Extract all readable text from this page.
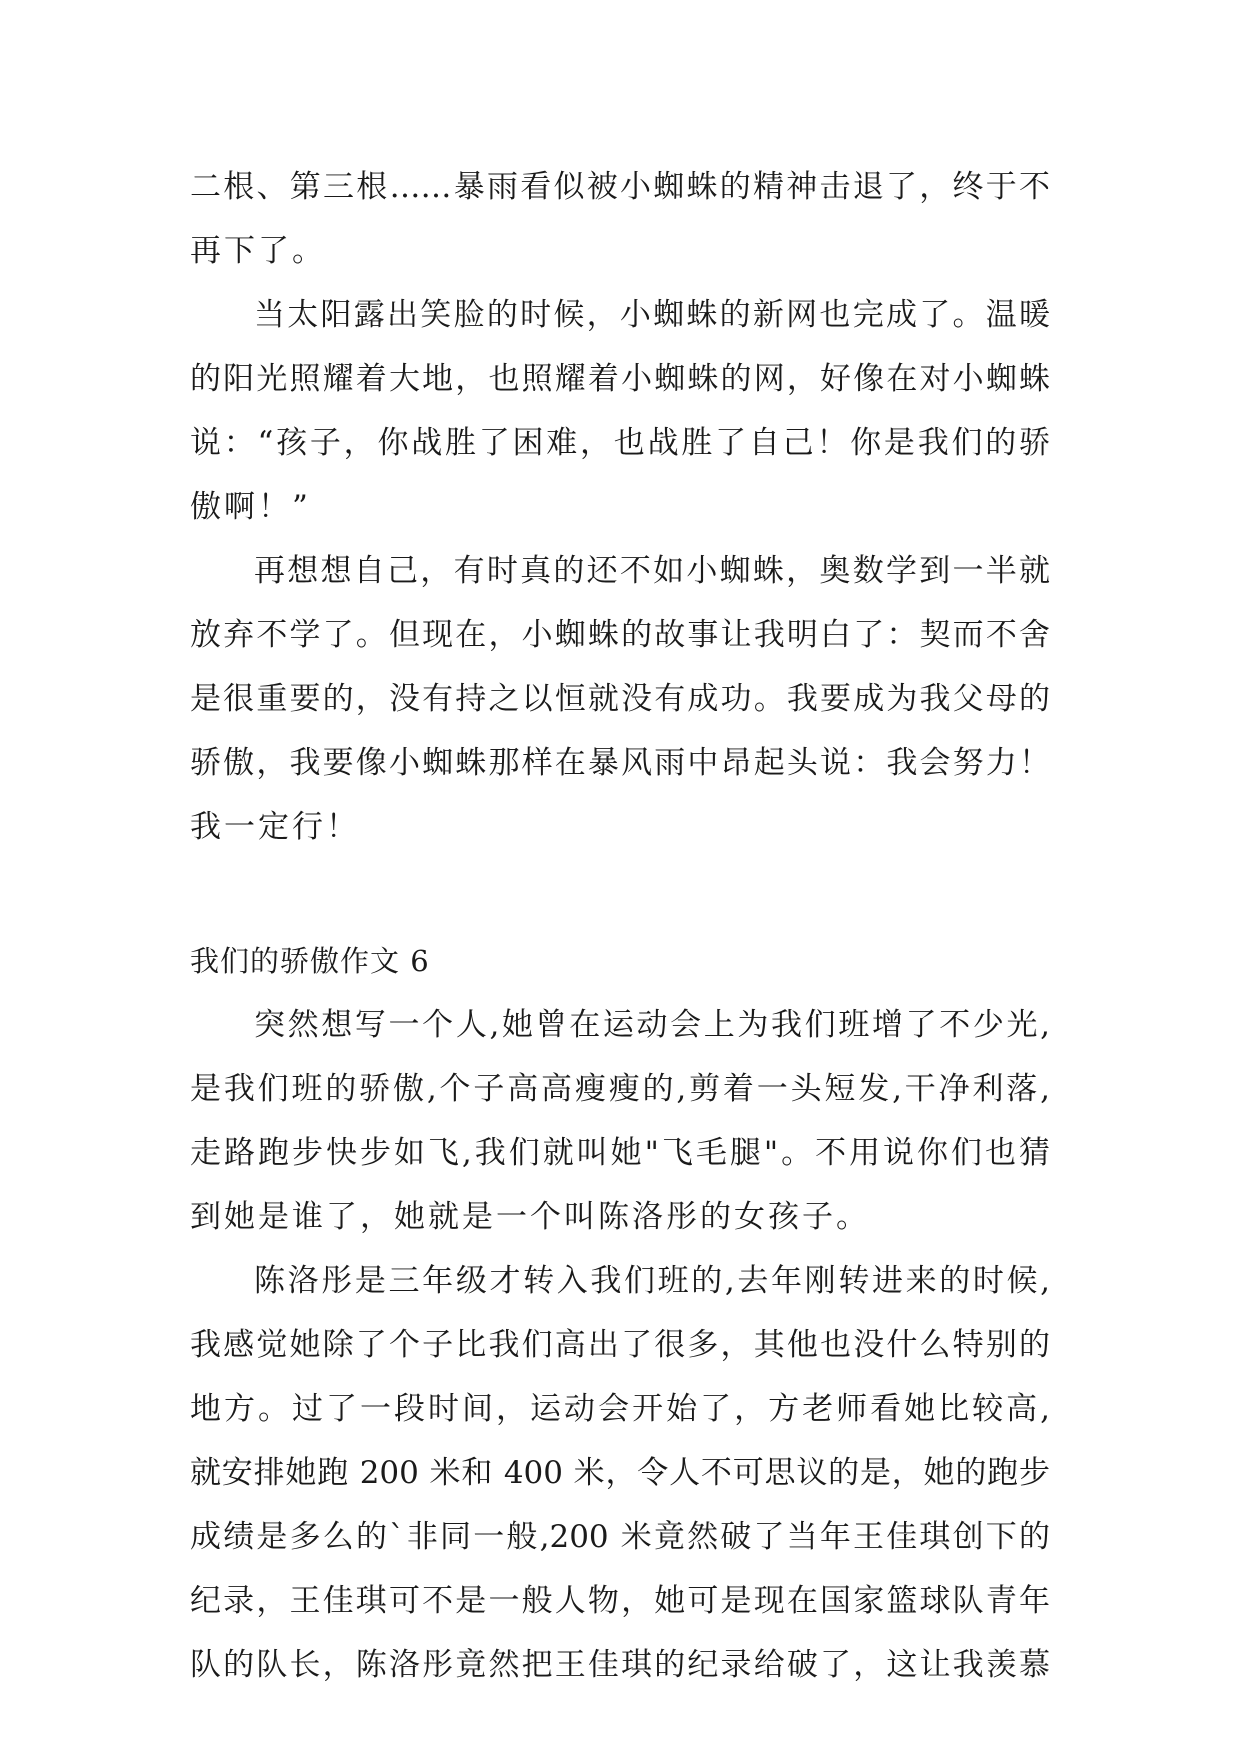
二根、第三根……暴雨看似被小蜘蛛的精神击退了，终于不

再下了。

当太阳露出笑脸的时候，小蜘蛛的新网也完成了。温暖

的阳光照耀着大地，也照耀着小蜘蛛的网，好像在对小蜘蛛

说：“孩子，你战胜了困难，也战胜了自己！你是我们的骄

傲啊！”

再想想自己，有时真的还不如小蜘蛛，奥数学到一半就

放弃不学了。但现在，小蜘蛛的故事让我明白了：契而不舍

是很重要的，没有持之以恒就没有成功。我要成为我父母的

骄傲，我要像小蜘蛛那样在暴风雨中昂起头说：我会努力！

我一定行！

我们的骄傲作文 6

突然想写一个人,她曾在运动会上为我们班增了不少光,

是我们班的骄傲,个子高高瘦瘦的,剪着一头短发,干净利落,

走路跑步快步如飞,我们就叫她"飞毛腿"。不用说你们也猜

到她是谁了，她就是一个叫陈洛彤的女孩子。

陈洛彤是三年级才转入我们班的,去年刚转进来的时候,

我感觉她除了个子比我们高出了很多，其他也没什么特别的

地方。过了一段时间，运动会开始了，方老师看她比较高,

就安排她跑 200 米和 400 米，令人不可思议的是，她的跑步

成绩是多么的`非同一般,200 米竟然破了当年王佳琪创下的

纪录，王佳琪可不是一般人物，她可是现在国家篮球队青年

队的队长，陈洛彤竟然把王佳琪的纪录给破了，这让我羡慕
